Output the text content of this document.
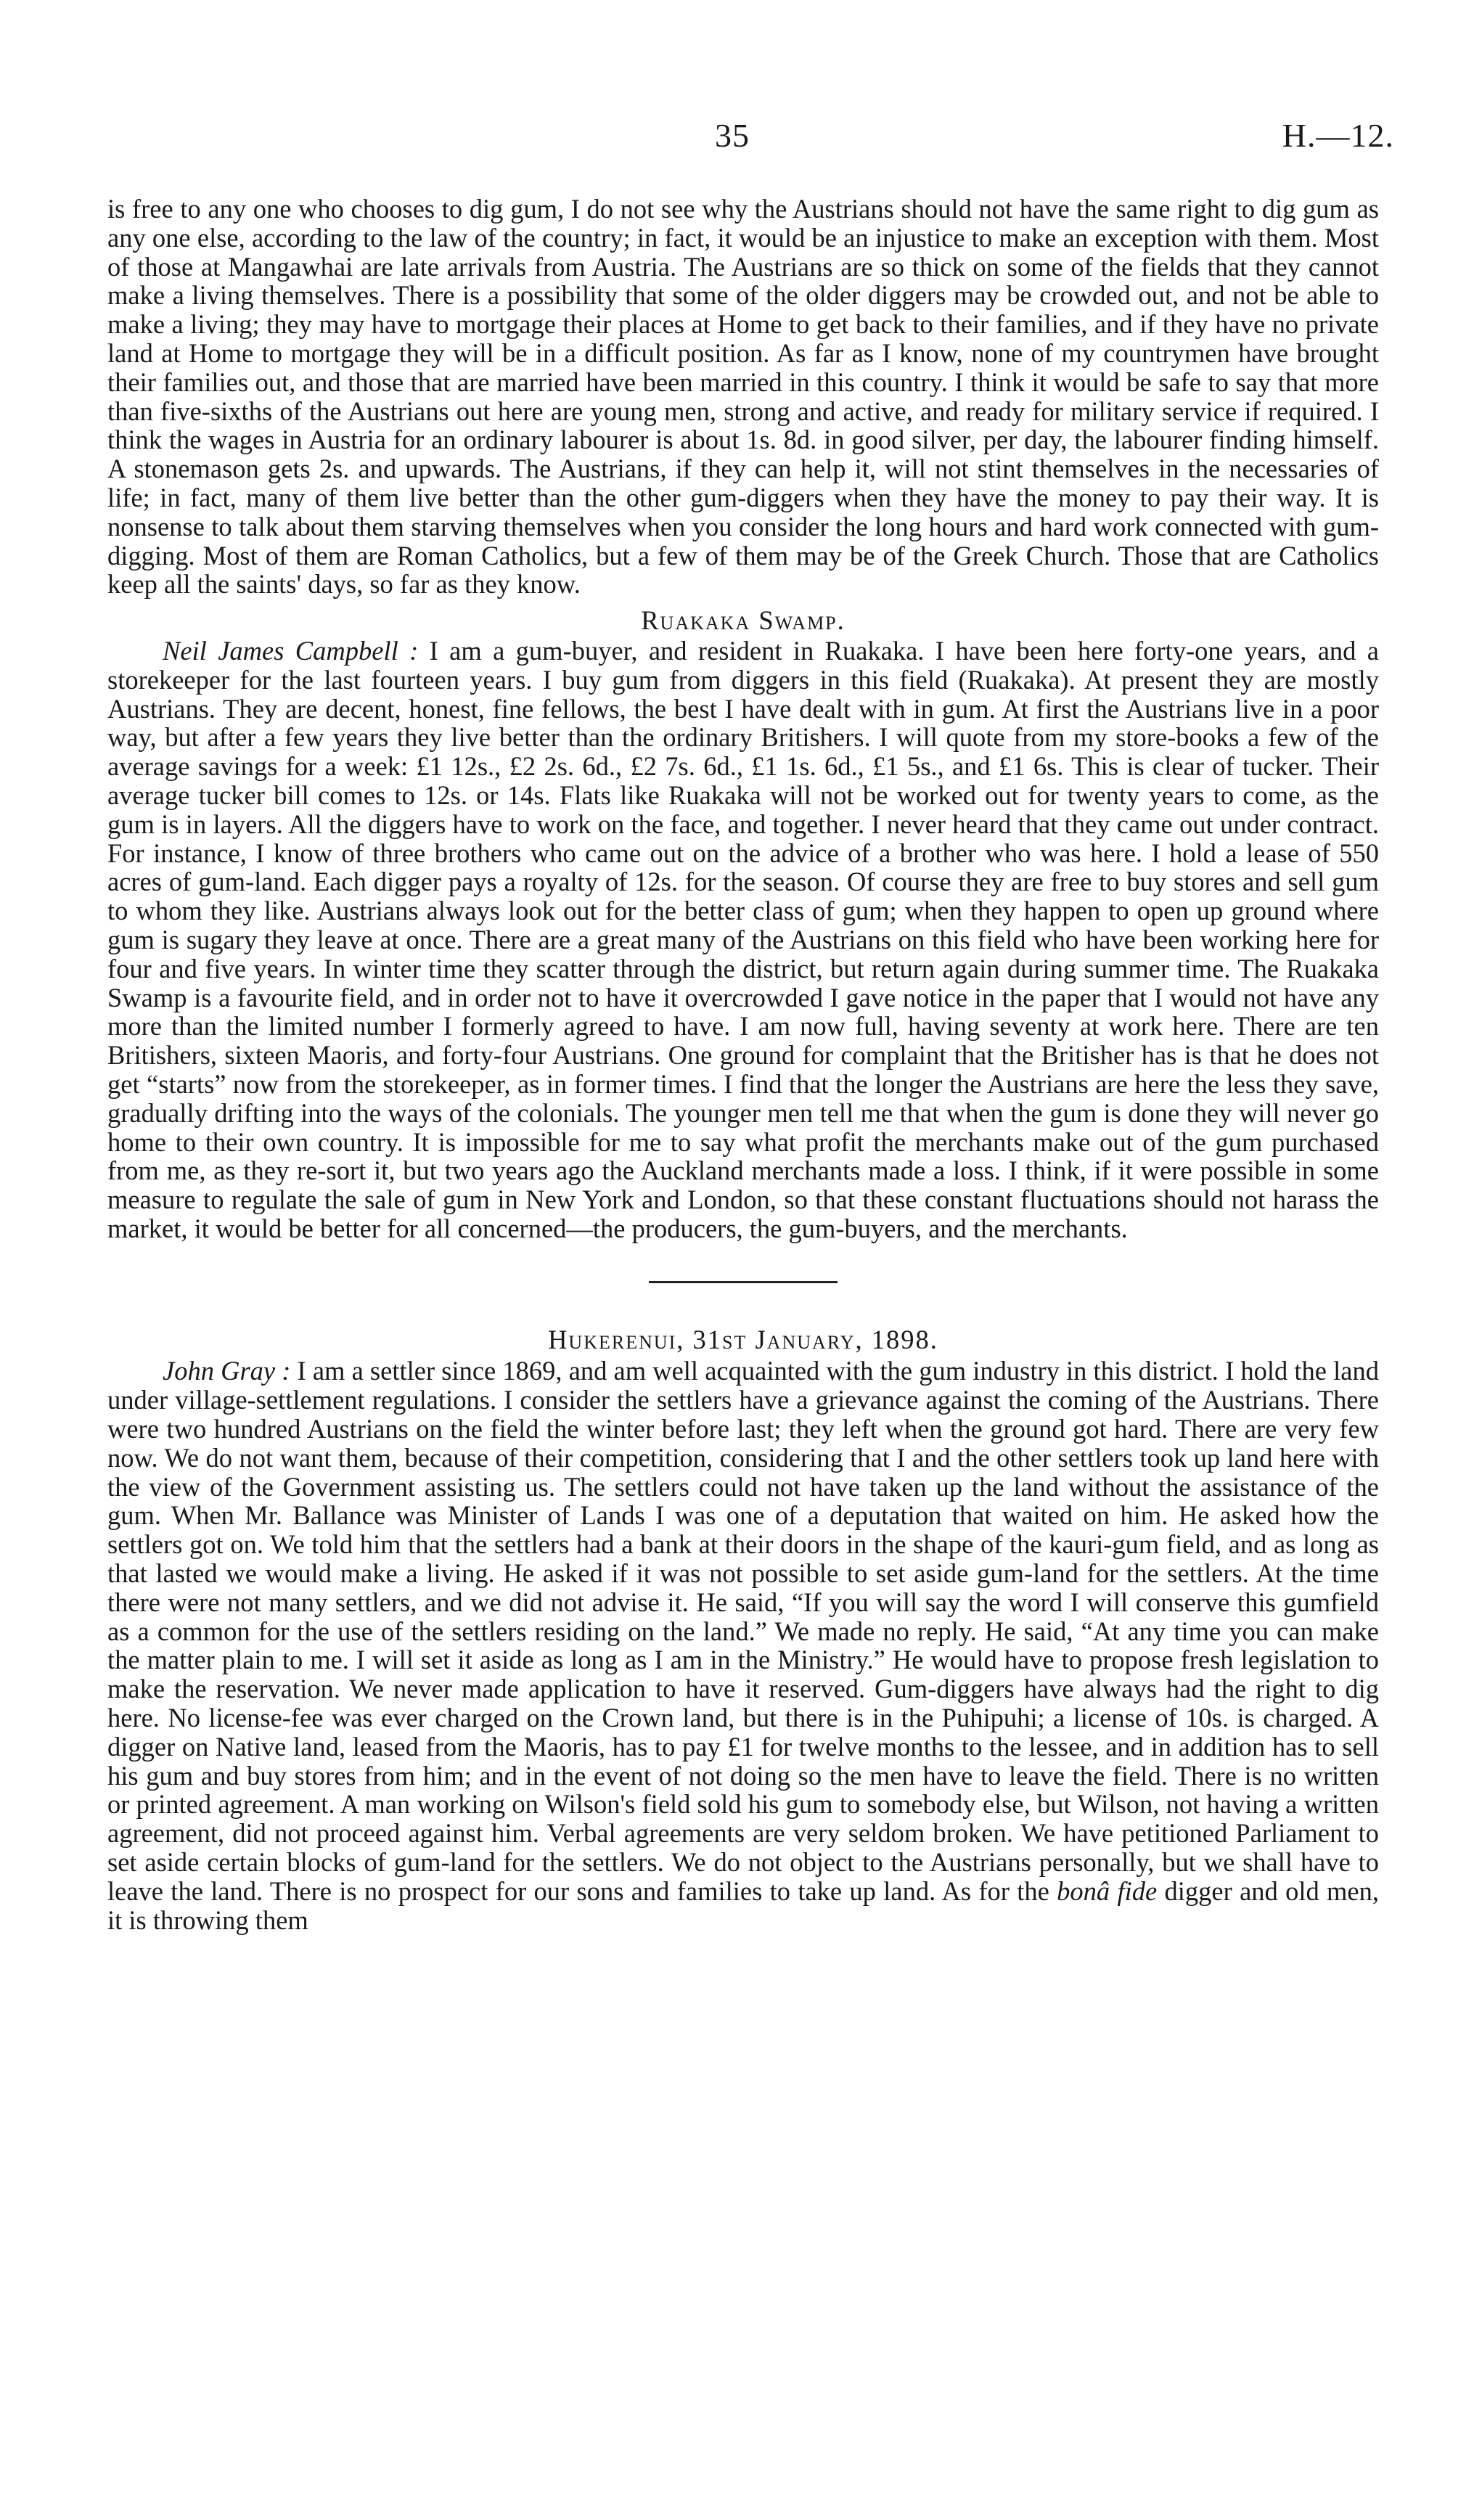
35	H.—12.

is free to any one who chooses to dig gum, I do not see why the Austrians should not have the same right to dig gum as any one else, according to the law of the country; in fact, it would be an injustice to make an exception with them. Most of those at Mangawhai are late arrivals from Austria. The Austrians are so thick on some of the fields that they cannot make a living themselves. There is a possibility that some of the older diggers may be crowded out, and not be able to make a living; they may have to mortgage their places at Home to get back to their families, and if they have no private land at Home to mortgage they will be in a difficult position. As far as I know, none of my countrymen have brought their families out, and those that are married have been married in this country. I think it would be safe to say that more than five-sixths of the Austrians out here are young men, strong and active, and ready for military service if required. I think the wages in Austria for an ordinary labourer is about 1s. 8d. in good silver, per day, the labourer finding himself. A stonemason gets 2s. and upwards. The Austrians, if they can help it, will not stint themselves in the necessaries of life; in fact, many of them live better than the other gum-diggers when they have the money to pay their way. It is nonsense to talk about them starving themselves when you consider the long hours and hard work connected with gum-digging. Most of them are Roman Catholics, but a few of them may be of the Greek Church. Those that are Catholics keep all the saints' days, so far as they know.

Ruakaka Swamp.

Neil James Campbell : I am a gum-buyer, and resident in Ruakaka. I have been here forty-one years, and a storekeeper for the last fourteen years. I buy gum from diggers in this field (Ruakaka). At present they are mostly Austrians. They are decent, honest, fine fellows, the best I have dealt with in gum. At first the Austrians live in a poor way, but after a few years they live better than the ordinary Britishers. I will quote from my store-books a few of the average savings for a week: £1 12s., £2 2s. 6d., £2 7s. 6d., £1 1s. 6d., £1 5s., and £1 6s. This is clear of tucker. Their average tucker bill comes to 12s. or 14s. Flats like Ruakaka will not be worked out for twenty years to come, as the gum is in layers. All the diggers have to work on the face, and together. I never heard that they came out under contract. For instance, I know of three brothers who came out on the advice of a brother who was here. I hold a lease of 550 acres of gum-land. Each digger pays a royalty of 12s. for the season. Of course they are free to buy stores and sell gum to whom they like. Austrians always look out for the better class of gum; when they happen to open up ground where gum is sugary they leave at once. There are a great many of the Austrians on this field who have been working here for four and five years. In winter time they scatter through the district, but return again during summer time. The Ruakaka Swamp is a favourite field, and in order not to have it overcrowded I gave notice in the paper that I would not have any more than the limited number I formerly agreed to have. I am now full, having seventy at work here. There are ten Britishers, sixteen Maoris, and forty-four Austrians. One ground for complaint that the Britisher has is that he does not get “starts” now from the storekeeper, as in former times. I find that the longer the Austrians are here the less they save, gradually drifting into the ways of the colonials. The younger men tell me that when the gum is done they will never go home to their own country. It is impossible for me to say what profit the merchants make out of the gum purchased from me, as they re-sort it, but two years ago the Auckland merchants made a loss. I think, if it were possible in some measure to regulate the sale of gum in New York and London, so that these constant fluctuations should not harass the market, it would be better for all concerned—the producers, the gum-buyers, and the merchants.

Hukerenui, 31st January, 1898.

John Gray : I am a settler since 1869, and am well acquainted with the gum industry in this district. I hold the land under village-settlement regulations. I consider the settlers have a grievance against the coming of the Austrians. There were two hundred Austrians on the field the winter before last; they left when the ground got hard. There are very few now. We do not want them, because of their competition, considering that I and the other settlers took up land here with the view of the Government assisting us. The settlers could not have taken up the land without the assistance of the gum. When Mr. Ballance was Minister of Lands I was one of a deputation that waited on him. He asked how the settlers got on. We told him that the settlers had a bank at their doors in the shape of the kauri-gum field, and as long as that lasted we would make a living. He asked if it was not possible to set aside gum-land for the settlers. At the time there were not many settlers, and we did not advise it. He said, “If you will say the word I will conserve this gumfield as a common for the use of the settlers residing on the land.” We made no reply. He said, “At any time you can make the matter plain to me. I will set it aside as long as I am in the Ministry.” He would have to propose fresh legislation to make the reservation. We never made application to have it reserved. Gum-diggers have always had the right to dig here. No license-fee was ever charged on the Crown land, but there is in the Puhipuhi; a license of 10s. is charged. A digger on Native land, leased from the Maoris, has to pay £1 for twelve months to the lessee, and in addition has to sell his gum and buy stores from him; and in the event of not doing so the men have to leave the field. There is no written or printed agreement. A man working on Wilson's field sold his gum to somebody else, but Wilson, not having a written agreement, did not proceed against him. Verbal agreements are very seldom broken. We have petitioned Parliament to set aside certain blocks of gum-land for the settlers. We do not object to the Austrians personally, but we shall have to leave the land. There is no prospect for our sons and families to take up land. As for the bonâ fide digger and old men, it is throwing them
